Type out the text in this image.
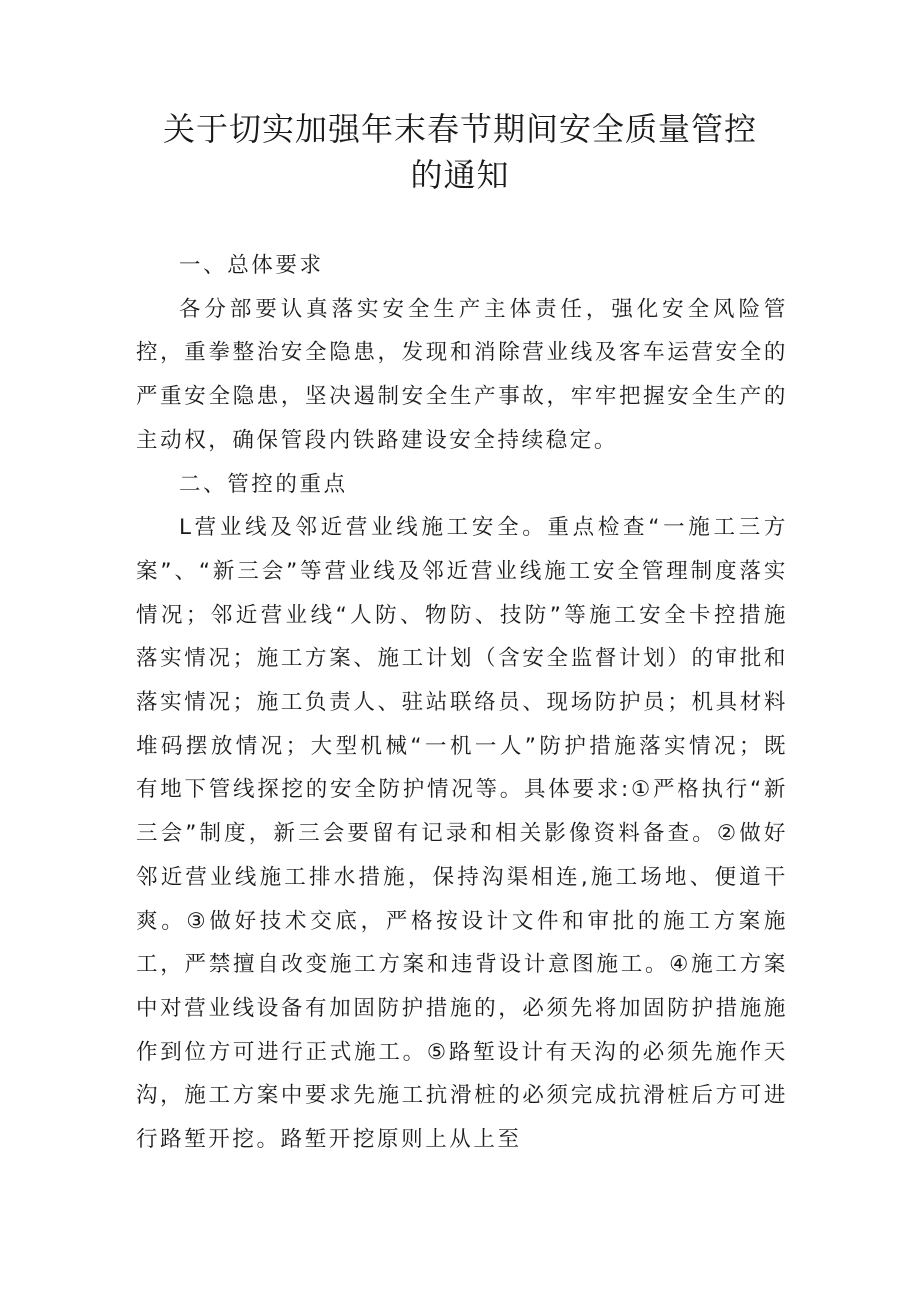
关于切实加强年末春节期间安全质量管控
的通知

一、总体要求

各分部要认真落实安全生产主体责任，强化安全风险管控，重拳整治安全隐患，发现和消除营业线及客车运营安全的严重安全隐患，坚决遏制安全生产事故，牢牢把握安全生产的主动权，确保管段内铁路建设安全持续稳定。

二、管控的重点

L营业线及邻近营业线施工安全。重点检查“一施工三方案”、“新三会”等营业线及邻近营业线施工安全管理制度落实情况；邻近营业线“人防、物防、技防”等施工安全卡控措施落实情况；施工方案、施工计划（含安全监督计划）的审批和落实情况；施工负责人、驻站联络员、现场防护员；机具材料堆码摆放情况；大型机械“一机一人”防护措施落实情况；既有地下管线探挖的安全防护情况等。具体要求:①严格执行“新三会”制度，新三会要留有记录和相关影像资料备查。②做好邻近营业线施工排水措施，保持沟渠相连,施工场地、便道干爽。③做好技术交底，严格按设计文件和审批的施工方案施工，严禁擅自改变施工方案和违背设计意图施工。④施工方案中对营业线设备有加固防护措施的，必须先将加固防护措施施作到位方可进行正式施工。⑤路堑设计有天沟的必须先施作天沟，施工方案中要求先施工抗滑桩的必须完成抗滑桩后方可进行路堑开挖。路堑开挖原则上从上至
